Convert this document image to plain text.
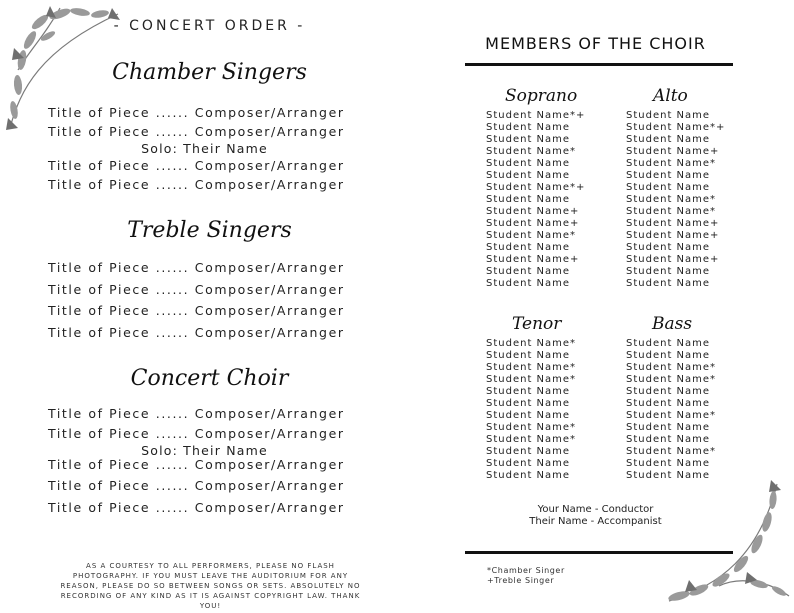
- CONCERT ORDER -
Chamber Singers
Title of Piece ...... Composer/Arranger
Title of Piece ...... Composer/Arranger
Solo: Their Name
Title of Piece ...... Composer/Arranger
Title of Piece ...... Composer/Arranger
Treble Singers
Title of Piece ...... Composer/Arranger
Title of Piece ...... Composer/Arranger
Title of Piece ...... Composer/Arranger
Title of Piece ...... Composer/Arranger
Concert Choir
Title of Piece ...... Composer/Arranger
Title of Piece ...... Composer/Arranger
Solo: Their Name
Title of Piece ...... Composer/Arranger
Title of Piece ...... Composer/Arranger
Title of Piece ...... Composer/Arranger
AS A COURTESY TO ALL PERFORMERS, PLEASE NO FLASH PHOTOGRAPHY. IF YOU MUST LEAVE THE AUDITORIUM FOR ANY REASON, PLEASE DO SO BETWEEN SONGS OR SETS. ABSOLUTELY NO RECORDING OF ANY KIND AS IT IS AGAINST COPYRIGHT LAW. THANK YOU!
MEMBERS OF THE CHOIR
Soprano	Alto
Student Name*+
Student Name
Student Name
Student Name*
Student Name
Student Name
Student Name*+
Student Name
Student Name+
Student Name+
Student Name*
Student Name
Student Name+
Student Name
Student Name
Student Name
Student Name*+
Student Name
Student Name+
Student Name*
Student Name
Student Name
Student Name*
Student Name*
Student Name+
Student Name+
Student Name
Student Name+
Student Name
Student Name
Tenor	Bass
Student Name*
Student Name
Student Name*
Student Name*
Student Name
Student Name
Student Name
Student Name*
Student Name*
Student Name
Student Name
Student Name
Student Name
Student Name
Student Name*
Student Name*
Student Name
Student Name
Student Name*
Student Name
Student Name
Student Name*
Student Name
Student Name
Your Name - Conductor
Their Name - Accompanist
*Chamber Singer
+Treble Singer
